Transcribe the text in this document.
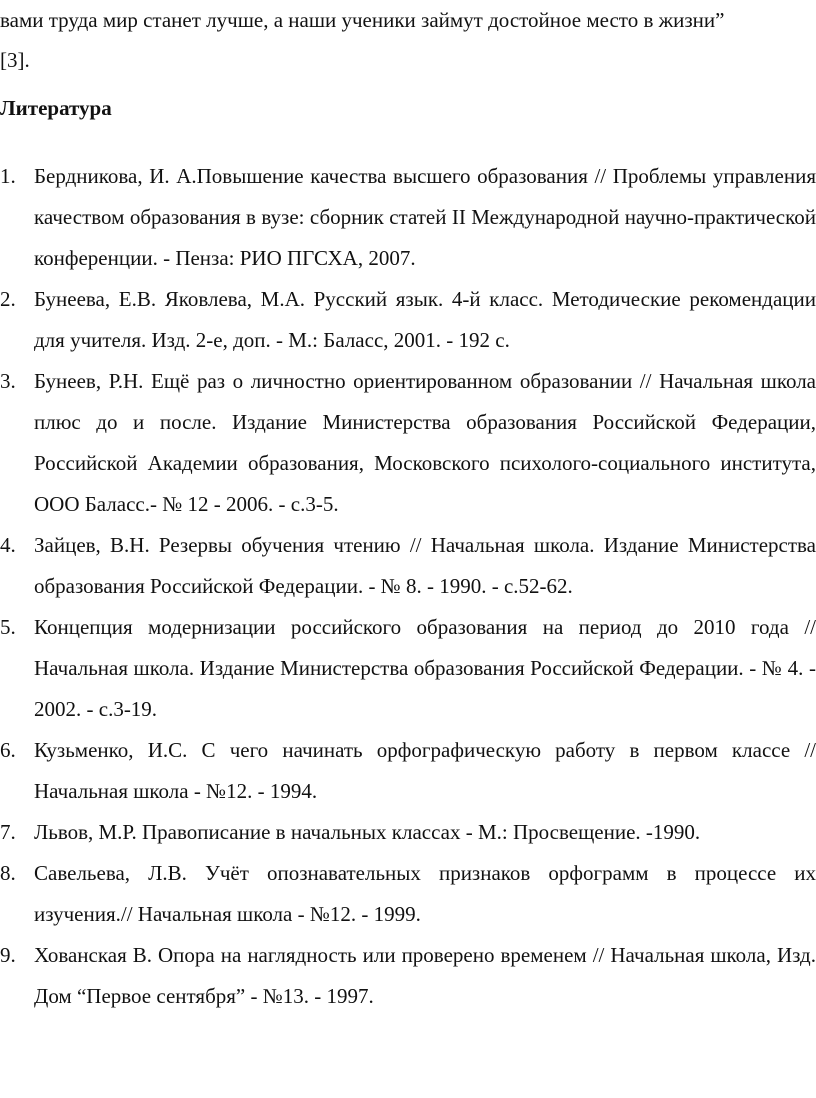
вами труда мир станет лучше, а наши ученики займут достойное место в жизни”
[3].

Литература
1. Бердникова, И. А.Повышение качества высшего образования // Проблемы управления качеством образования в вузе: сборник статей II Международной научно-практической конференции. - Пенза: РИО ПГСХА, 2007.
2. Бунеева, Е.В. Яковлева, М.А. Русский язык. 4-й класс. Методические рекомендации для учителя. Изд. 2-е, доп. - М.: Баласс, 2001. - 192 с.
3. Бунеев, Р.Н. Ещё раз о личностно ориентированном образовании // Начальная школа плюс до и после. Издание Министерства образования Российской Федерации, Российской Академии образования, Московского психолого-социального института, ООО Баласс.- № 12 - 2006. - с.3-5.
4. Зайцев, В.Н. Резервы обучения чтению // Начальная школа. Издание Министерства образования Российской Федерации. - № 8. - 1990. - с.52-62.
5. Концепция модернизации российского образования на период до 2010 года // Начальная школа. Издание Министерства образования Российской Федерации. - № 4. - 2002. - с.3-19.
6. Кузьменко, И.С. С чего начинать орфографическую работу в первом классе // Начальная школа - №12. - 1994.
7. Львов, М.Р. Правописание в начальных классах - М.: Просвещение. -1990.
8. Савельева, Л.В. Учёт опознавательных признаков орфограмм в процессе их изучения.// Начальная школа - №12. - 1999.
9. Хованская В. Опора на наглядность или проверено временем // Начальная школа, Изд. Дом “Первое сентября” - №13. - 1997.
